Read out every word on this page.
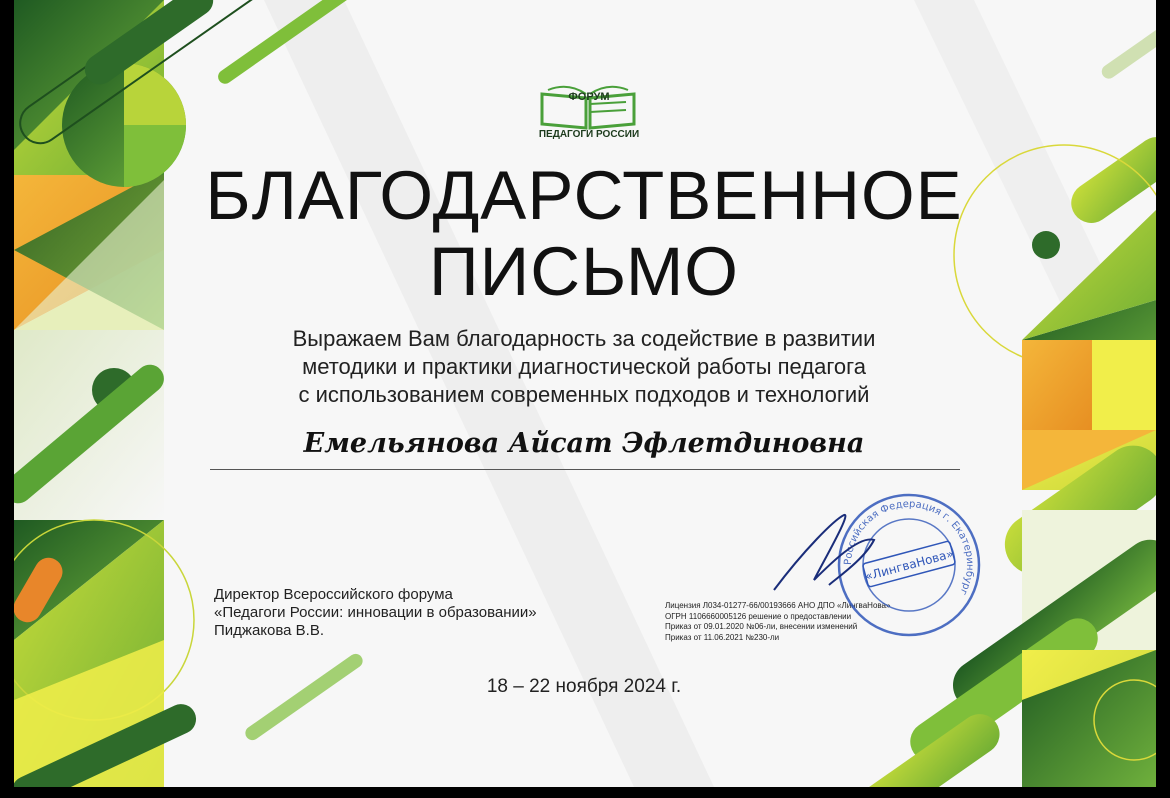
ФОРУМ
ПЕДАГОГИ РОССИИ
БЛАГОДАРСТВЕННОЕ
ПИСЬМО
Выражаем Вам благодарность за содействие в развитии
методики и практики диагностической работы педагога
с использованием современных подходов и технологий
Емельянова Айсат Эфлетдиновна
Директор Всероссийского форума
«Педагоги России: инновации в образовании»
Пиджакова В.В.
Лицензия Л034-01277-66/00193666 АНО ДПО «ЛингваНова»
ОГРН 1106660005126 решение о предоставлении
Приказ от 09.01.2020 №06-ли, внесении изменений
Приказ от 11.06.2021 №230-ли
Российская Федерация г. Екатеринбург
«ЛингваНова»
18 – 22 ноября 2024 г.
